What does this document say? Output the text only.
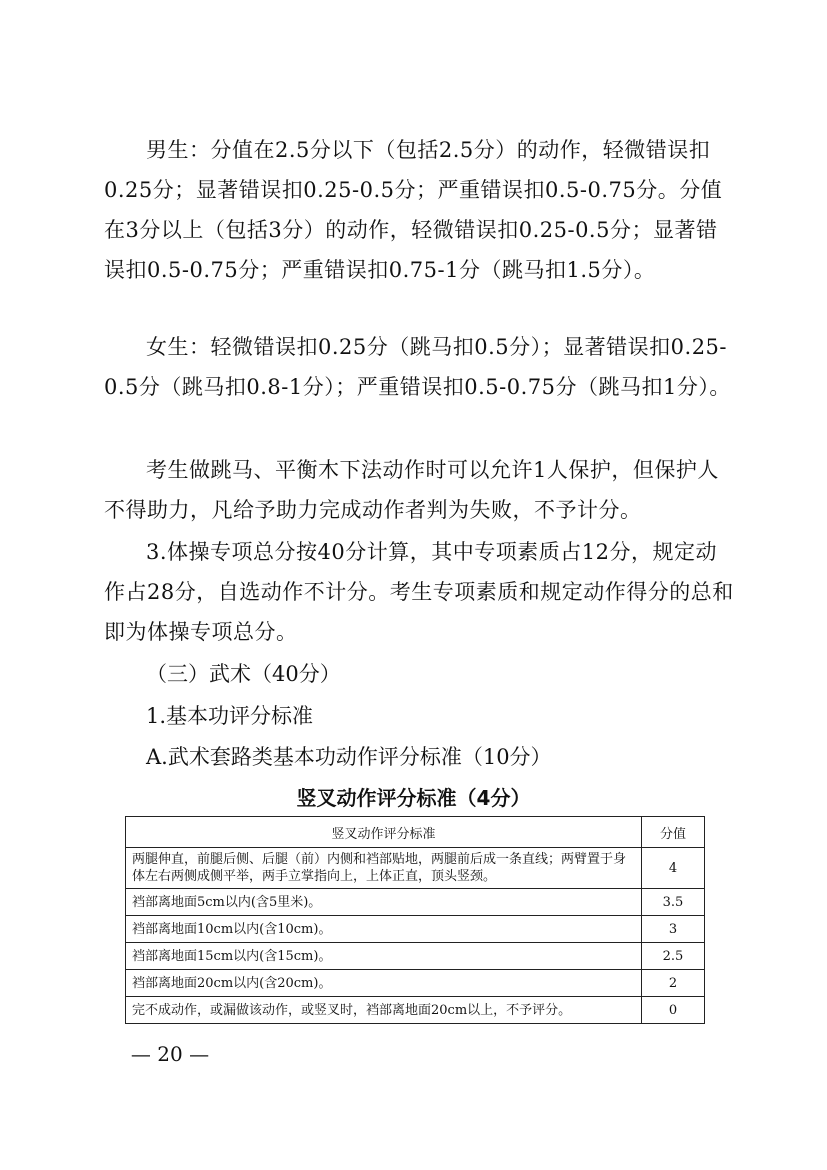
男生：分值在2.5分以下（包括2.5分）的动作，轻微错误扣0.25分；显著错误扣0.25-0.5分；严重错误扣0.5-0.75分。分值在3分以上（包括3分）的动作，轻微错误扣0.25-0.5分；显著错误扣0.5-0.75分；严重错误扣0.75-1分（跳马扣1.5分）。

女生：轻微错误扣0.25分（跳马扣0.5分）；显著错误扣0.25-0.5分（跳马扣0.8-1分）；严重错误扣0.5-0.75分（跳马扣1分）。

考生做跳马、平衡木下法动作时可以允许1人保护，但保护人不得助力，凡给予助力完成动作者判为失败，不予计分。

3.体操专项总分按40分计算，其中专项素质占12分，规定动作占28分，自选动作不计分。考生专项素质和规定动作得分的总和即为体操专项总分。

（三）武术（40分）

1.基本功评分标准

A.武术套路类基本功动作评分标准（10分）

竖叉动作评分标准（4分）
竖叉动作评分标准	分值
两腿伸直，前腿后侧、后腿（前）内侧和裆部贴地，两腿前后成一条直线；两臂置于身体左右两侧成侧平举，两手立掌指向上，上体正直，顶头竖颈。	4
裆部离地面5cm以内(含5里米)。	3.5
裆部离地面10cm以内(含10cm)。	3
裆部离地面15cm以内(含15cm)。	2.5
裆部离地面20cm以内(含20cm)。	2
完不成动作，或漏做该动作，或竖叉时，裆部离地面20cm以上，不予评分。	0
— 20 —
